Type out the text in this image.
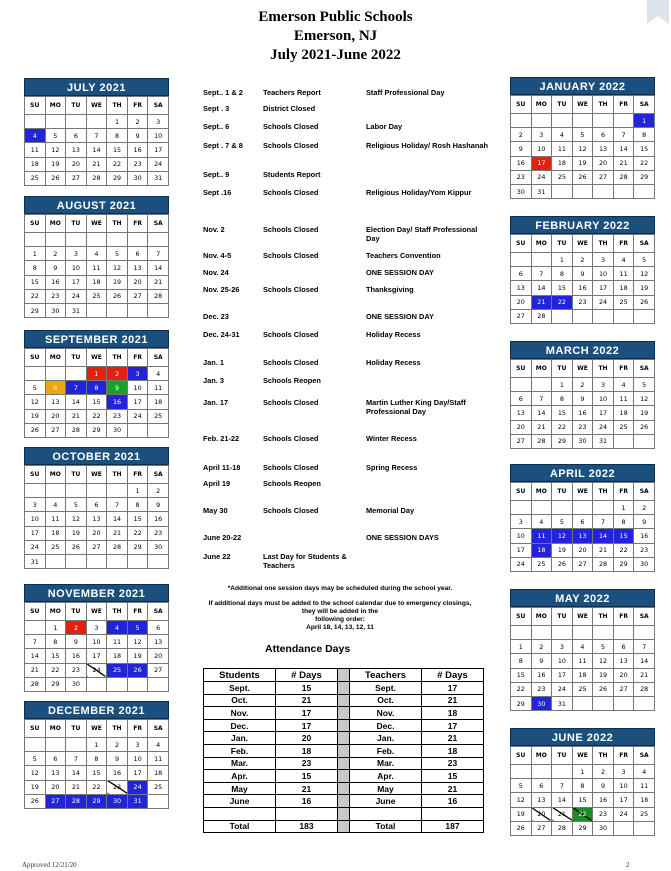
Emerson Public Schools
Emerson, NJ
July 2021-June 2022
JULY 2021
SU	MO	TU	WE	TH	FR	SA
				1	2	3
4	5	6	7	8	9	10
11	12	13	14	15	16	17
18	19	20	21	22	23	24
25	26	27	28	29	30	31
AUGUST 2021
SU	MO	TU	WE	TH	FR	SA

1	2	3	4	5	6	7
8	9	10	11	12	13	14
15	16	17	18	19	20	21
22	23	24	25	26	27	28
29	30	31				
SEPTEMBER 2021
SU	MO	TU	WE	TH	FR	SA
			1	2	3	4
5	6	7	8	9	10	11
12	13	14	15	16	17	18
19	20	21	22	23	24	25
26	27	28	29	30		
OCTOBER 2021
SU	MO	TU	WE	TH	FR	SA
					1	2
3	4	5	6	7	8	9
10	11	12	13	14	15	16
17	18	19	20	21	22	23
24	25	26	27	28	29	30
31						
NOVEMBER 2021
SU	MO	TU	WE	TH	FR	SA
	1	2	3	4	5	6
7	8	9	10	11	12	13
14	15	16	17	18	19	20
21	22	23	24	25	26	27
28	29	30				
DECEMBER 2021
SU	MO	TU	WE	TH	FR	SA
			1	2	3	4
5	6	7	8	9	10	11
12	13	14	15	16	17	18
19	20	21	22	23	24	25
26	27	28	29	30	31	
JANUARY 2022
SU	MO	TU	WE	TH	FR	SA
						1
2	3	4	5	6	7	8
9	10	11	12	13	14	15
16	17	18	19	20	21	22
23	24	25	26	27	28	29
30	31					
FEBRUARY 2022
SU	MO	TU	WE	TH	FR	SA
		1	2	3	4	5
6	7	8	9	10	11	12
13	14	15	16	17	18	19
20	21	22	23	24	25	26
27	28					
MARCH 2022
SU	MO	TU	WE	TH	FR	SA
		1	2	3	4	5
6	7	8	9	10	11	12
13	14	15	16	17	18	19
20	21	22	23	24	25	26
27	28	29	30	31		
APRIL 2022
SU	MO	TU	WE	TH	FR	SA
					1	2
3	4	5	6	7	8	9
10	11	12	13	14	15	16
17	18	19	20	21	22	23
24	25	26	27	28	29	30
MAY 2022
SU	MO	TU	WE	TH	FR	SA

1	2	3	4	5	6	7
8	9	10	11	12	13	14
15	16	17	18	19	20	21
22	23	24	25	26	27	28
29	30	31				
JUNE 2022
SU	MO	TU	WE	TH	FR	SA
			1	2	3	4
5	6	7	8	9	10	11
12	13	14	15	16	17	18
19	20	21	22	23	24	25
26	27	28	29	30		
Sept.. 1 & 2	Teachers Report	Staff Professional Day
Sept . 3	District Closed
Sept.. 6	Schools Closed	Labor Day
Sept . 7 & 8	Schools Closed	Religious Holiday/ Rosh Hashanah
Sept.. 9	Students Report
Sept .16	Schools Closed	Religious Holiday/Yom Kippur
Nov. 2	Schools Closed	Election Day/ Staff Professional Day
Nov. 4-5	Schools Closed	Teachers Convention
Nov. 24	ONE SESSION DAY
Nov. 25-26	Schools Closed	Thanksgiving
Dec. 23	ONE SESSION DAY
Dec. 24-31	Schools Closed	Holiday Recess
Jan. 1	Schools Closed	Holiday Recess
Jan. 3	Schools Reopen
Jan. 17	Schools Closed	Martin Luther King Day/Staff Professional Day
Feb. 21-22	Schools Closed	Winter Recess
April 11-18	Schools Closed	Spring Recess
April 19	Schools Reopen
May 30	Schools Closed	Memorial Day
June 20-22	ONE SESSION DAYS
June 22	Last Day for Students & Teachers
*Additional one session days may be scheduled during the school year.
If additional days must be added to the school calendar due to emergency closings,
they will be added in the
following order:
April 18, 14, 13, 12, 11
Attendance Days
Students	# Days		Teachers	# Days
Sept.	15		Sept.	17
Oct.	21		Oct.	21
Nov.	17		Nov.	18
Dec.	17		Dec.	17
Jan.	20		Jan.	21
Feb.	18		Feb.	18
Mar.	23		Mar.	23
Apr.	15		Apr.	15
May	21		May	21
June	16		June	16

Total	183		Total	187
Approved 12/21/20	2
